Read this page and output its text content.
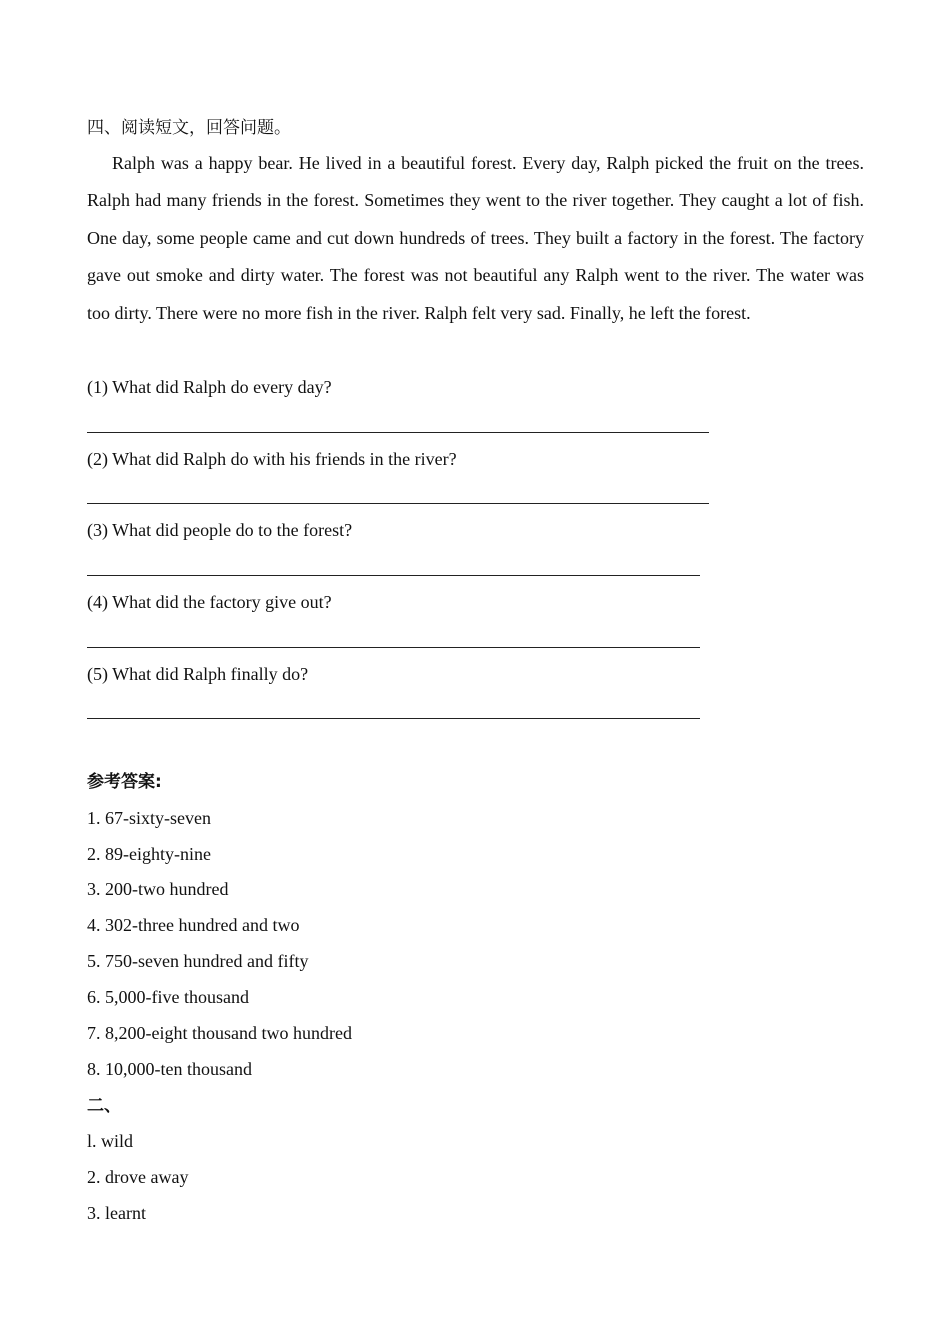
四、阅读短文，回答问题。

Ralph was a happy bear. He lived in a beautiful forest. Every day, Ralph picked the fruit on the trees. Ralph had many friends in the forest. Sometimes they went to the river together. They caught a lot of fish. One day, some people came and cut down hundreds of trees. They built a factory in the forest. The factory gave out smoke and dirty water. The forest was not beautiful any Ralph went to the river. The water was too dirty. There were no more fish in the river. Ralph felt very sad. Finally, he left the forest.

(1) What did Ralph do every day?
(2) What did Ralph do with his friends in the river?
(3) What did people do to the forest?
(4) What did the factory give out?
(5) What did Ralph finally do?
参考答案:
1. 67-sixty-seven
2. 89-eighty-nine
3. 200-two hundred
4. 302-three hundred and two
5. 750-seven hundred and fifty
6. 5,000-five thousand
7. 8,200-eight thousand two hundred
8. 10,000-ten thousand
二、
l. wild
2. drove away
3. learnt
